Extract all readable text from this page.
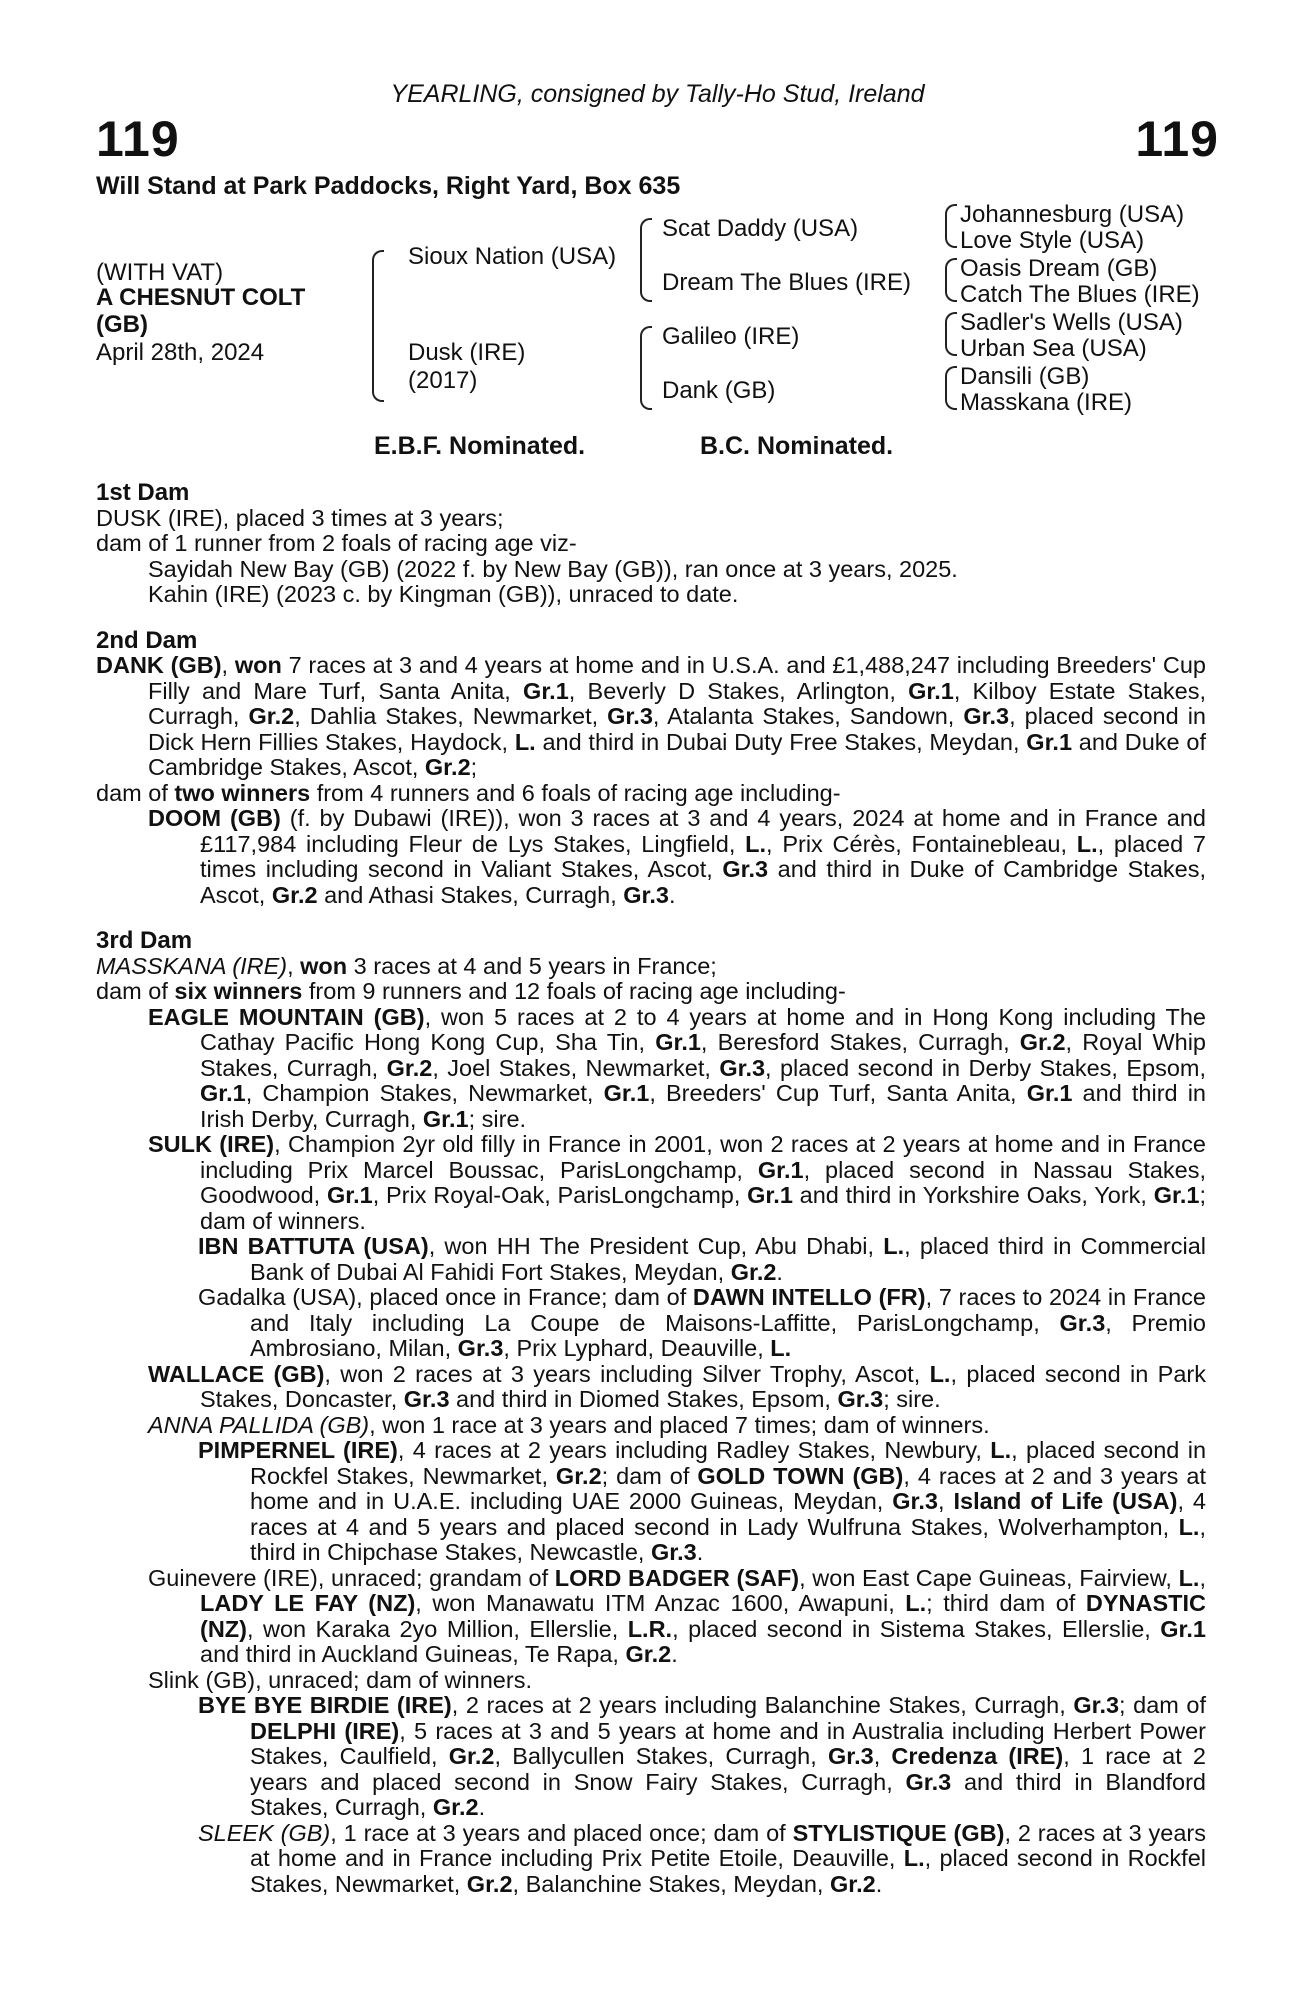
YEARLING, consigned by Tally-Ho Stud, Ireland
119	119
Will Stand at Park Paddocks, Right Yard, Box 635
(WITH VAT)
A CHESNUT COLT (GB)
April 28th, 2024
Sioux Nation (USA)
Dusk (IRE)
(2017)
Scat Daddy (USA)
Dream The Blues (IRE)
Galileo (IRE)
Dank (GB)
Johannesburg (USA)
Love Style (USA)
Oasis Dream (GB)
Catch The Blues (IRE)
Sadler's Wells (USA)
Urban Sea (USA)
Dansili (GB)
Masskana (IRE)
E.B.F. Nominated.	B.C. Nominated.

1st Dam

DUSK (IRE), placed 3 times at 3 years;

dam of 1 runner from 2 foals of racing age viz-

Sayidah New Bay (GB) (2022 f. by New Bay (GB)), ran once at 3 years, 2025.

Kahin (IRE) (2023 c. by Kingman (GB)), unraced to date.

2nd Dam

DANK (GB), won 7 races at 3 and 4 years at home and in U.S.A. and £1,488,247 including Breeders' Cup Filly and Mare Turf, Santa Anita, Gr.1, Beverly D Stakes, Arlington, Gr.1, Kilboy Estate Stakes, Curragh, Gr.2, Dahlia Stakes, Newmarket, Gr.3, Atalanta Stakes, Sandown, Gr.3, placed second in Dick Hern Fillies Stakes, Haydock, L. and third in Dubai Duty Free Stakes, Meydan, Gr.1 and Duke of Cambridge Stakes, Ascot, Gr.2;

dam of two winners from 4 runners and 6 foals of racing age including-

DOOM (GB) (f. by Dubawi (IRE)), won 3 races at 3 and 4 years, 2024 at home and in France and £117,984 including Fleur de Lys Stakes, Lingfield, L., Prix Cérès, Fontainebleau, L., placed 7 times including second in Valiant Stakes, Ascot, Gr.3 and third in Duke of Cambridge Stakes, Ascot, Gr.2 and Athasi Stakes, Curragh, Gr.3.

3rd Dam

MASSKANA (IRE), won 3 races at 4 and 5 years in France;

dam of six winners from 9 runners and 12 foals of racing age including-

EAGLE MOUNTAIN (GB), won 5 races at 2 to 4 years at home and in Hong Kong including The Cathay Pacific Hong Kong Cup, Sha Tin, Gr.1, Beresford Stakes, Curragh, Gr.2, Royal Whip Stakes, Curragh, Gr.2, Joel Stakes, Newmarket, Gr.3, placed second in Derby Stakes, Epsom, Gr.1, Champion Stakes, Newmarket, Gr.1, Breeders' Cup Turf, Santa Anita, Gr.1 and third in Irish Derby, Curragh, Gr.1; sire.

SULK (IRE), Champion 2yr old filly in France in 2001, won 2 races at 2 years at home and in France including Prix Marcel Boussac, ParisLongchamp, Gr.1, placed second in Nassau Stakes, Goodwood, Gr.1, Prix Royal-Oak, ParisLongchamp, Gr.1 and third in Yorkshire Oaks, York, Gr.1; dam of winners.

IBN BATTUTA (USA), won HH The President Cup, Abu Dhabi, L., placed third in Commercial Bank of Dubai Al Fahidi Fort Stakes, Meydan, Gr.2.

Gadalka (USA), placed once in France; dam of DAWN INTELLO (FR), 7 races to 2024 in France and Italy including La Coupe de Maisons-Laffitte, ParisLongchamp, Gr.3, Premio Ambrosiano, Milan, Gr.3, Prix Lyphard, Deauville, L.

WALLACE (GB), won 2 races at 3 years including Silver Trophy, Ascot, L., placed second in Park Stakes, Doncaster, Gr.3 and third in Diomed Stakes, Epsom, Gr.3; sire.

ANNA PALLIDA (GB), won 1 race at 3 years and placed 7 times; dam of winners.

PIMPERNEL (IRE), 4 races at 2 years including Radley Stakes, Newbury, L., placed second in Rockfel Stakes, Newmarket, Gr.2; dam of GOLD TOWN (GB), 4 races at 2 and 3 years at home and in U.A.E. including UAE 2000 Guineas, Meydan, Gr.3, Island of Life (USA), 4 races at 4 and 5 years and placed second in Lady Wulfruna Stakes, Wolverhampton, L., third in Chipchase Stakes, Newcastle, Gr.3.

Guinevere (IRE), unraced; grandam of LORD BADGER (SAF), won East Cape Guineas, Fairview, L., LADY LE FAY (NZ), won Manawatu ITM Anzac 1600, Awapuni, L.; third dam of DYNASTIC (NZ), won Karaka 2yo Million, Ellerslie, L.R., placed second in Sistema Stakes, Ellerslie, Gr.1 and third in Auckland Guineas, Te Rapa, Gr.2.

Slink (GB), unraced; dam of winners.

BYE BYE BIRDIE (IRE), 2 races at 2 years including Balanchine Stakes, Curragh, Gr.3; dam of DELPHI (IRE), 5 races at 3 and 5 years at home and in Australia including Herbert Power Stakes, Caulfield, Gr.2, Ballycullen Stakes, Curragh, Gr.3, Credenza (IRE), 1 race at 2 years and placed second in Snow Fairy Stakes, Curragh, Gr.3 and third in Blandford Stakes, Curragh, Gr.2.

SLEEK (GB), 1 race at 3 years and placed once; dam of STYLISTIQUE (GB), 2 races at 3 years at home and in France including Prix Petite Etoile, Deauville, L., placed second in Rockfel Stakes, Newmarket, Gr.2, Balanchine Stakes, Meydan, Gr.2.
